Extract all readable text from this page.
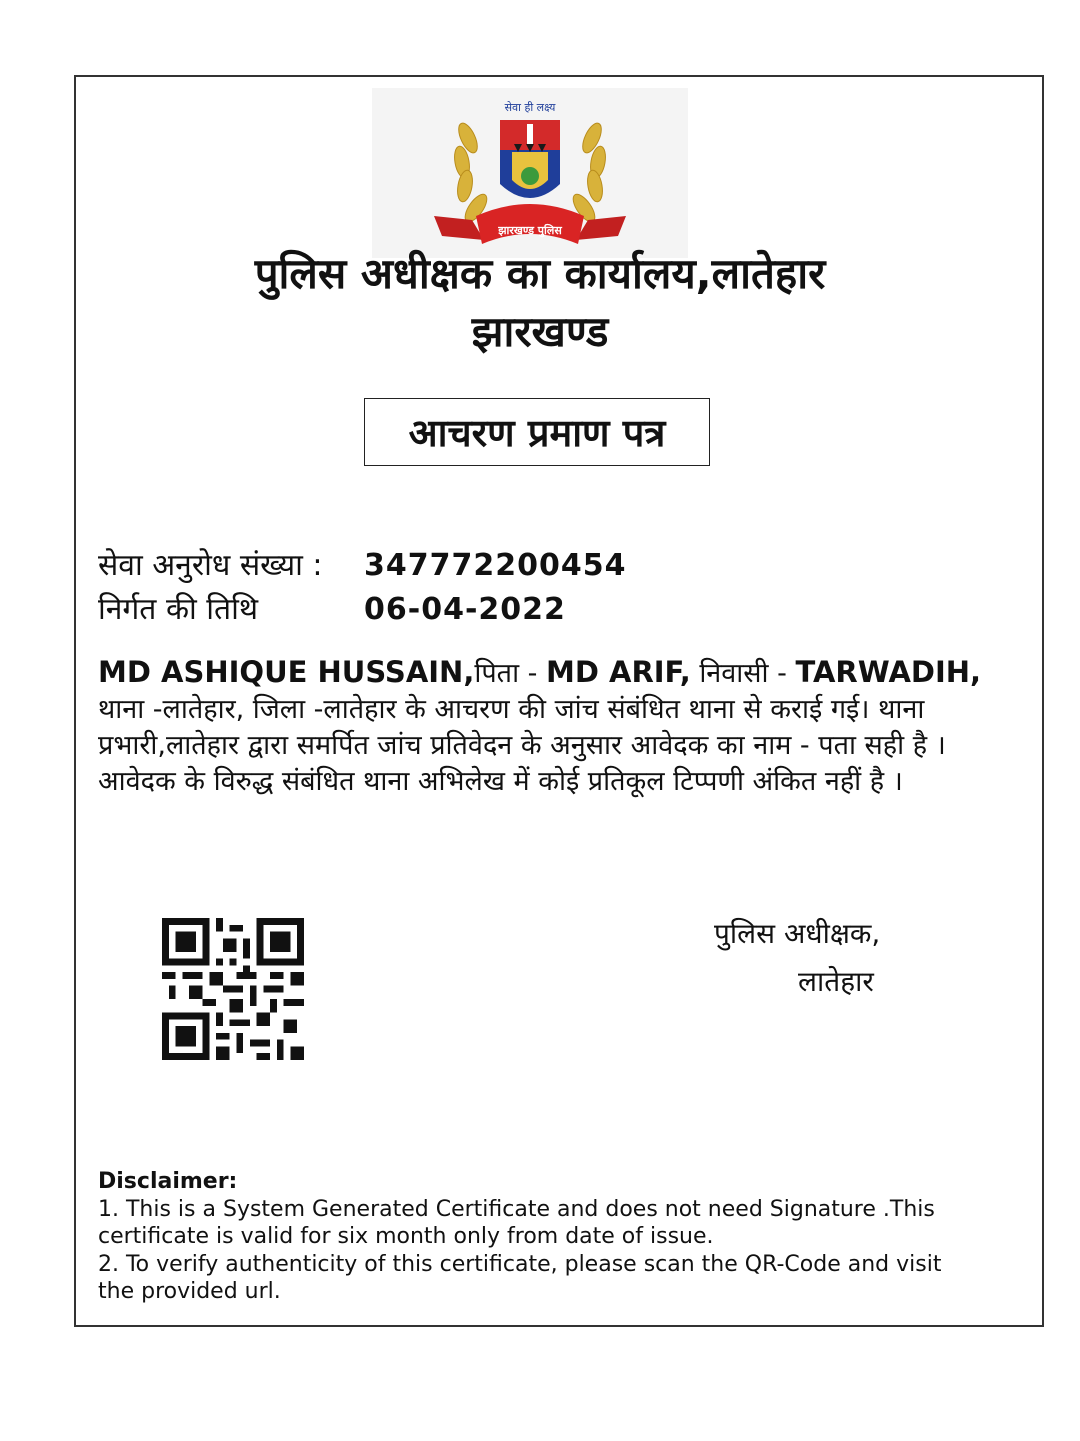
सेवा ही लक्ष्य
झारखण्ड पुलिस
पुलिस अधीक्षक का कार्यालय,लातेहार
झारखण्ड
आचरण प्रमाण पत्र
सेवा अनुरोध संख्या : 347772200454
निर्गत की तिथि	06-04-2022
MD ASHIQUE HUSSAIN,पिता - MD ARIF, निवासी - TARWADIH, थाना -लातेहार, जिला -लातेहार के आचरण की जांच संबंधित थाना से कराई गई। थाना प्रभारी,लातेहार द्वारा समर्पित जांच प्रतिवेदन के अनुसार आवेदक का नाम - पता सही है । आवेदक के विरुद्ध संबंधित थाना अभिलेख में कोई प्रतिकूल टिप्पणी अंकित नहीं है ।
पुलिस अधीक्षक,
लातेहार
Disclaimer:
1. This is a System Generated Certificate and does not need Signature .This certificate is valid for six month only from date of issue.
2. To verify authenticity of this certificate, please scan the QR-Code and visit the provided url.
